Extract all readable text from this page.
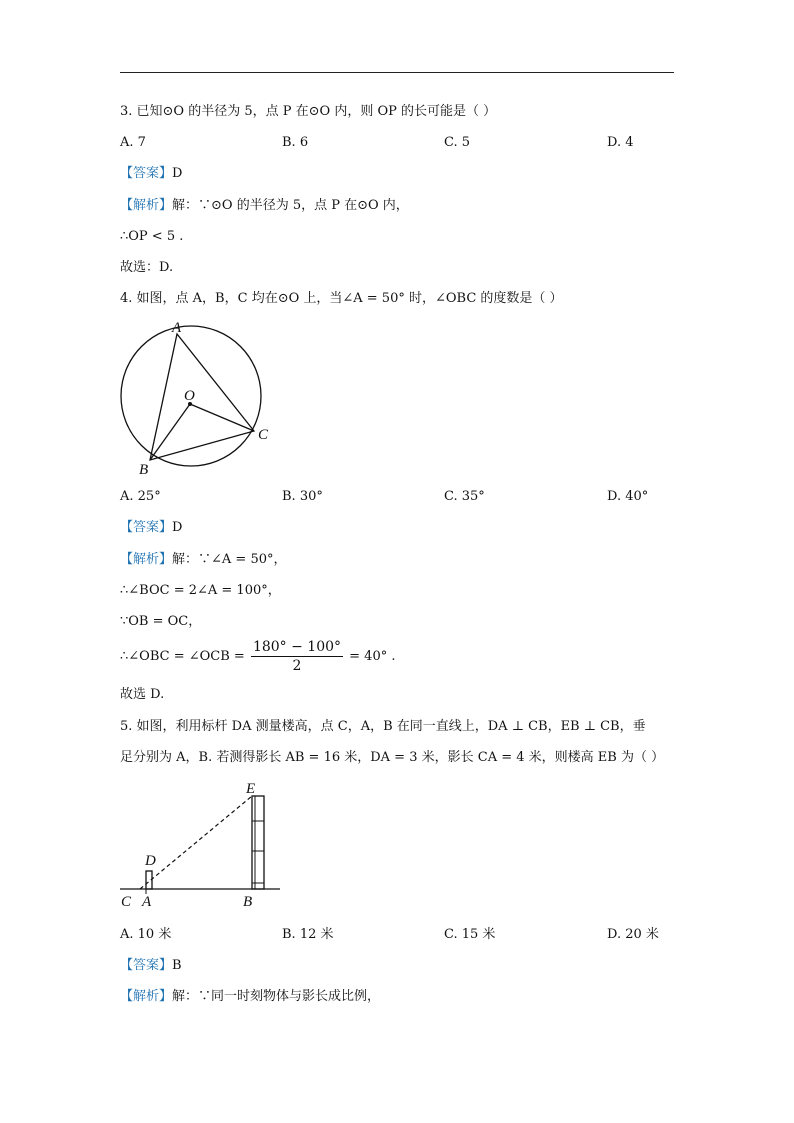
3. 已知⊙O 的半径为 5，点 P 在⊙O 内，则 OP 的长可能是（ ）
A. 7	B. 6	C. 5	D. 4
【答案】D
【解析】解：∵⊙O 的半径为 5，点 P 在⊙O 内，
∴OP < 5 .
故选：D.
4. 如图，点 A，B，C 均在⊙O 上，当∠A = 50° 时，∠OBC 的度数是（ ）
A
O
C
B
A. 25°	B. 30°	C. 35°	D. 40°
【答案】D
【解析】解：∵∠A = 50°，
∴∠BOC = 2∠A = 100°，
∵OB = OC，
∴∠OBC = ∠OCB = $\frac{180^\circ - 100^\circ}{2} = 40^\circ$ .
故选 D.
5. 如图，利用标杆 DA 测量楼高，点 C，A，B 在同一直线上，DA ⊥ CB，EB ⊥ CB，垂
足分别为 A，B. 若测得影长 AB = 16 米，DA = 3 米，影长 CA = 4 米，则楼高 EB 为（ ）
E
D
C A	B
A. 10 米	B. 12 米	C. 15 米	D. 20 米
【答案】B
【解析】解：∵同一时刻物体与影长成比例，
